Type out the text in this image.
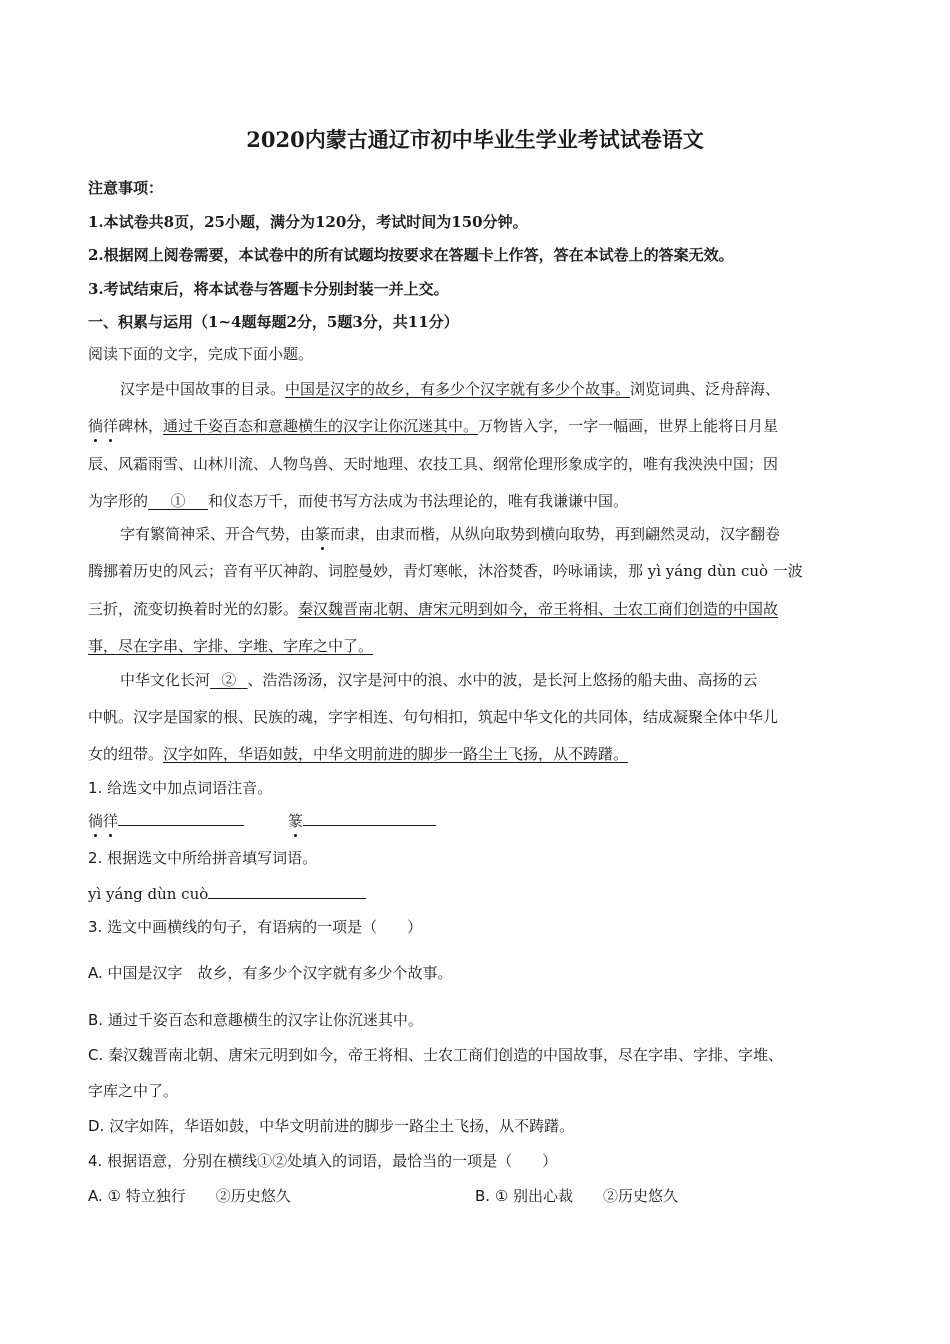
2020内蒙古通辽市初中毕业生学业考试试卷语文
注意事项：
1.本试卷共8页，25小题，满分为120分，考试时间为150分钟。
2.根据网上阅卷需要，本试卷中的所有试题均按要求在答题卡上作答，答在本试卷上的答案无效。
3.考试结束后，将本试卷与答题卡分别封装一并上交。
一、积累与运用（1~4题每题2分，5题3分，共11分）
阅读下面的文字，完成下面小题。
汉字是中国故事的目录。中国是汉字的故乡，有多少个汉字就有多少个故事。浏览词典、泛舟辞海、
徜徉碑林，通过千姿百态和意趣横生的汉字让你沉迷其中。万物皆入字，一字一幅画，世界上能将日月星
辰、风霜雨雪、山林川流、人物鸟兽、天时地理、农技工具、纲常伦理形象成字的，唯有我泱泱中国；因
为字形的   ①   和仪态万千，而使书写方法成为书法理论的，唯有我谦谦中国。
字有繁简神采、开合气势，由篆而隶，由隶而楷，从纵向取势到横向取势，再到翩然灵动，汉字翻卷
腾挪着历史的风云；音有平仄神韵、词腔曼妙，青灯寒帐，沐浴焚香，吟咏诵读，那 yì yáng dùn cuò 一波
三折，流变切换着时光的幻影。秦汉魏晋南北朝、唐宋元明到如今，帝王将相、士农工商们创造的中国故
事，尽在字串、字排、字堆、字库之中了。
中华文化长河   ②   、浩浩汤汤，汉字是河中的浪、水中的波，是长河上悠扬的船夫曲、高扬的云
中帆。汉字是国家的根、民族的魂，字字相连、句句相扣，筑起中华文化的共同体，结成凝聚全体中华儿
女的纽带。汉字如阵，华语如鼓，中华文明前进的脚步一路尘土飞扬，从不踌躇。
1. 给选文中加点词语注音。
徜徉	篆
2. 根据选文中所给拼音填写词语。
yì yáng dùn cuò
3. 选文中画横线的句子，有语病的一项是（　　）
A. 中国是汉字　故乡，有多少个汉字就有多少个故事。
B. 通过千姿百态和意趣横生的汉字让你沉迷其中。
C. 秦汉魏晋南北朝、唐宋元明到如今，帝王将相、士农工商们创造的中国故事，尽在字串、字排、字堆、
字库之中了。
D. 汉字如阵，华语如鼓，中华文明前进的脚步一路尘土飞扬，从不踌躇。
4. 根据语意，分别在横线①②处填入的词语，最恰当的一项是（　　）
A. ① 特立独行　　②历史悠久	B. ① 别出心裁　　②历史悠久
